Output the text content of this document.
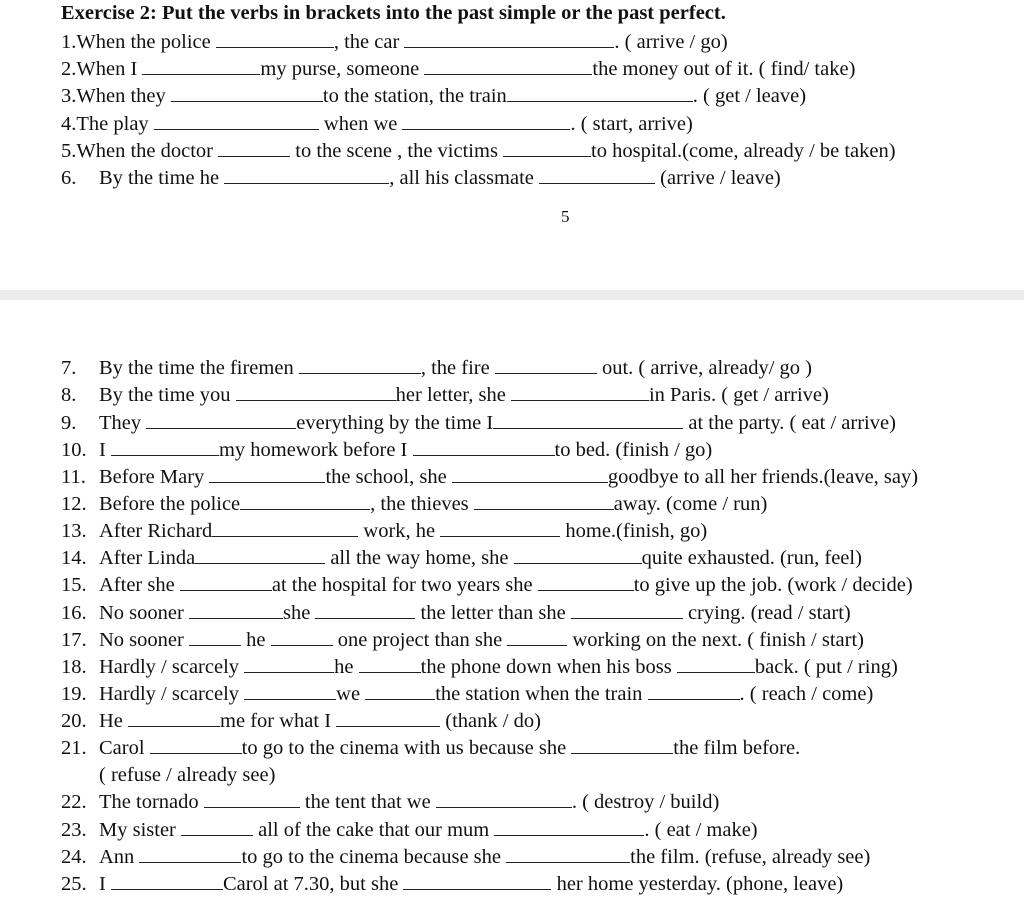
Exercise 2: Put the verbs in brackets into the past simple or the past perfect.
1.When the police	, the car	. ( arrive / go)
2.When I	my purse, someone	the money out of it. ( find/ take)
3.When they	to the station, the train	. ( get / leave)
4.The play	when we	. ( start, arrive)
5.When the doctor	to the scene , the victims	to hospital.(come, already / be taken)
6. By the time he	, all his classmate	(arrive / leave)
5
7. By the time the firemen	, the fire	out. ( arrive, already/ go )
8. By the time you	her letter, she	in Paris. ( get / arrive)
9. They	everything by the time I	at the party. ( eat / arrive)
10. I	my homework before I	to bed. (finish / go)
11. Before Mary	the school, she	goodbye to all her friends.(leave, say)
12. Before the police	, the thieves	away. (come / run)
13. After Richard	work, he	home.(finish, go)
14. After Linda	all the way home, she	quite exhausted. (run, feel)
15. After she	at the hospital for two years she	to give up the job. (work / decide)
16. No sooner	she	the letter than she	crying. (read / start)
17. No sooner	he	one project than she	working on the next. ( finish / start)
18. Hardly / scarcely	he	the phone down when his boss	back. ( put / ring)
19. Hardly / scarcely	we	the station when the train	. ( reach / come)
20. He	me for what I	(thank / do)
21. Carol	to go to the cinema with us because she	the film before.
( refuse / already see)
22. The tornado	the tent that we	. ( destroy / build)
23. My sister	all of the cake that our mum	. ( eat / make)
24. Ann	to go to the cinema because she	the film. (refuse, already see)
25. I	Carol at 7.30, but she	her home yesterday. (phone, leave)
